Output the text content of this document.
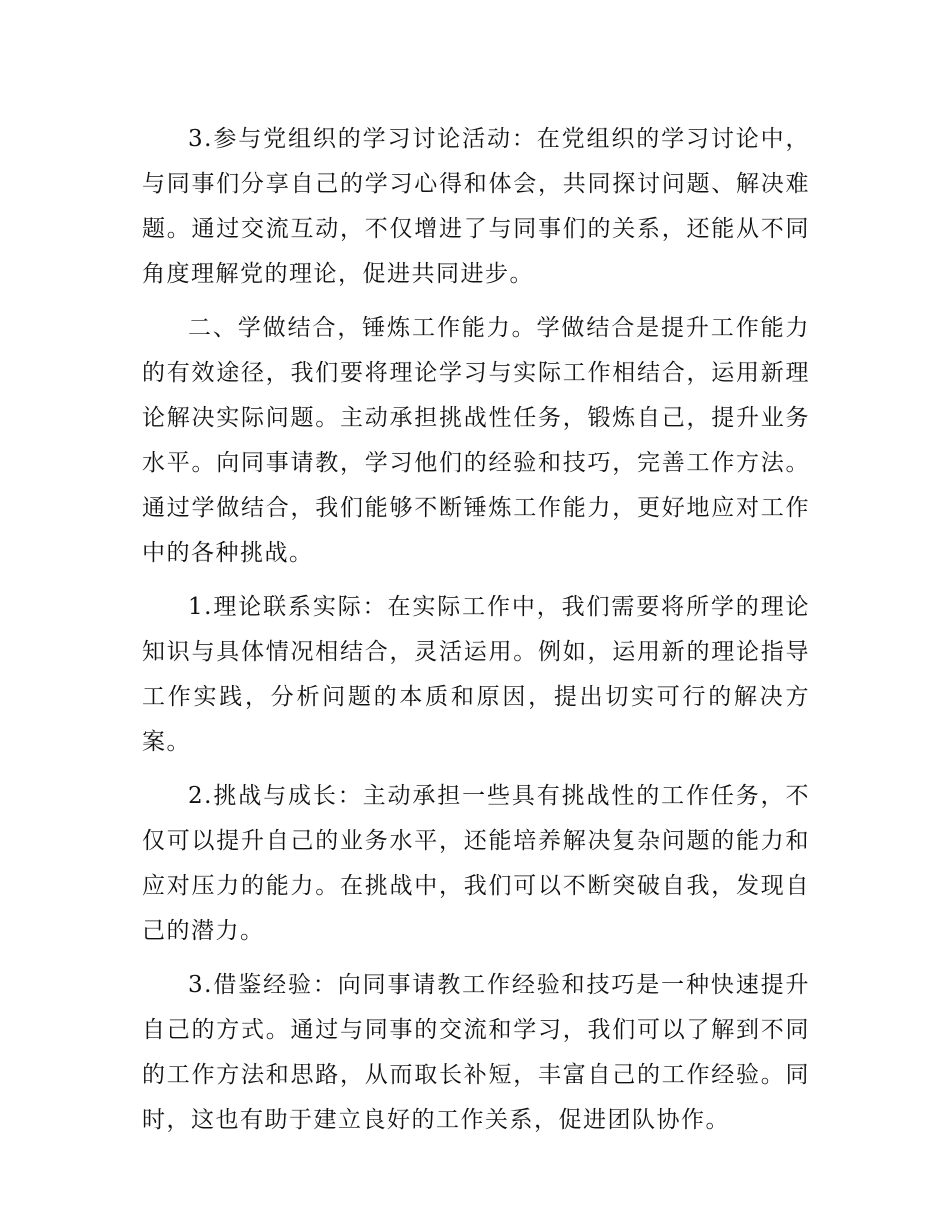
3.参与党组织的学习讨论活动：在党组织的学习讨论中，与同事们分享自己的学习心得和体会，共同探讨问题、解决难题。通过交流互动，不仅增进了与同事们的关系，还能从不同角度理解党的理论，促进共同进步。

二、学做结合，锤炼工作能力。学做结合是提升工作能力的有效途径，我们要将理论学习与实际工作相结合，运用新理论解决实际问题。主动承担挑战性任务，锻炼自己，提升业务水平。向同事请教，学习他们的经验和技巧，完善工作方法。通过学做结合，我们能够不断锤炼工作能力，更好地应对工作中的各种挑战。

1.理论联系实际：在实际工作中，我们需要将所学的理论知识与具体情况相结合，灵活运用。例如，运用新的理论指导工作实践，分析问题的本质和原因，提出切实可行的解决方案。

2.挑战与成长：主动承担一些具有挑战性的工作任务，不仅可以提升自己的业务水平，还能培养解决复杂问题的能力和应对压力的能力。在挑战中，我们可以不断突破自我，发现自己的潜力。

3.借鉴经验：向同事请教工作经验和技巧是一种快速提升自己的方式。通过与同事的交流和学习，我们可以了解到不同的工作方法和思路，从而取长补短，丰富自己的工作经验。同时，这也有助于建立良好的工作关系，促进团队协作。
